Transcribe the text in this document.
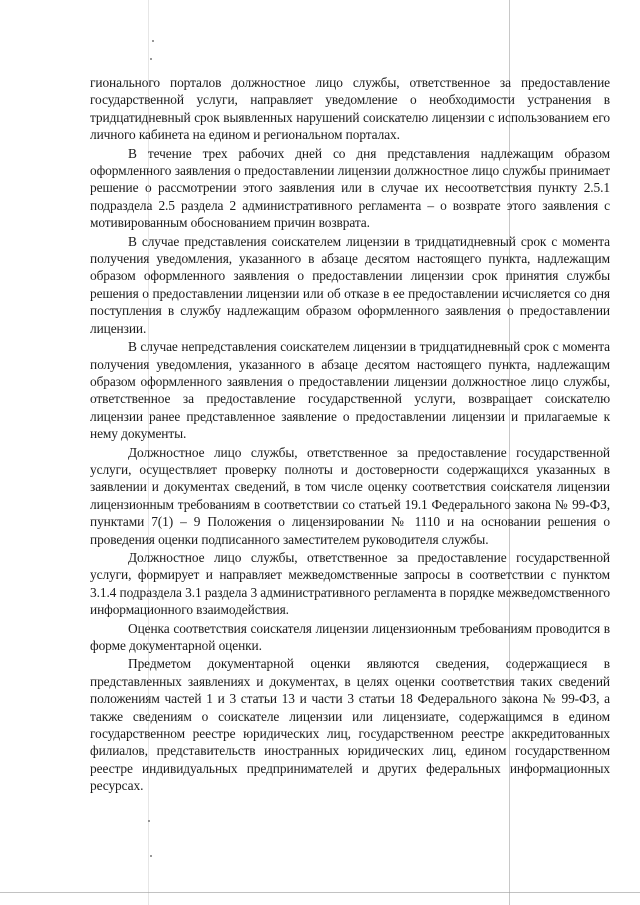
гионального порталов должностное лицо службы, ответственное за предоставление государственной услуги, направляет уведомление о необходимости устранения в тридцатидневный срок выявленных нарушений соискателю лицензии с использованием его личного кабинета на едином и региональном порталах.

В течение трех рабочих дней со дня представления надлежащим образом оформленного заявления о предоставлении лицензии должностное лицо службы принимает решение о рассмотрении этого заявления или в случае их несоответствия пункту 2.5.1 подраздела 2.5 раздела 2 административного регламента – о возврате этого заявления с мотивированным обоснованием причин возврата.

В случае представления соискателем лицензии в тридцатидневный срок с момента получения уведомления, указанного в абзаце десятом настоящего пункта, надлежащим образом оформленного заявления о предоставлении лицензии срок принятия службы решения о предоставлении лицензии или об отказе в ее предоставлении исчисляется со дня поступления в службу надлежащим образом оформленного заявления о предоставлении лицензии.

В случае непредставления соискателем лицензии в тридцатидневный срок с момента получения уведомления, указанного в абзаце десятом настоящего пункта, надлежащим образом оформленного заявления о предоставлении лицензии должностное лицо службы, ответственное за предоставление государственной услуги, возвращает соискателю лицензии ранее представленное заявление о предоставлении лицензии и прилагаемые к нему документы.

Должностное лицо службы, ответственное за предоставление государственной услуги, осуществляет проверку полноты и достоверности содержащихся указанных в заявлении и документах сведений, в том числе оценку соответствия соискателя лицензии лицензионным требованиям в соответствии со статьей 19.1 Федерального закона № 99-ФЗ, пунктами 7(1) – 9 Положения о лицензировании № 1110 и на основании решения о проведения оценки подписанного заместителем руководителя службы.

Должностное лицо службы, ответственное за предоставление государственной услуги, формирует и направляет межведомственные запросы в соответствии с пунктом 3.1.4 подраздела 3.1 раздела 3 административного регламента в порядке межведомственного информационного взаимодействия.

Оценка соответствия соискателя лицензии лицензионным требованиям проводится в форме документарной оценки.

Предметом документарной оценки являются сведения, содержащиеся в представленных заявлениях и документах, в целях оценки соответствия таких сведений положениям частей 1 и 3 статьи 13 и части 3 статьи 18 Федерального закона № 99-ФЗ, а также сведениям о соискателе лицензии или лицензиате, содержащимся в едином государственном реестре юридических лиц, государственном реестре аккредитованных филиалов, представительств иностранных юридических лиц, едином государственном реестре индивидуальных предпринимателей и других федеральных информационных ресурсах.
